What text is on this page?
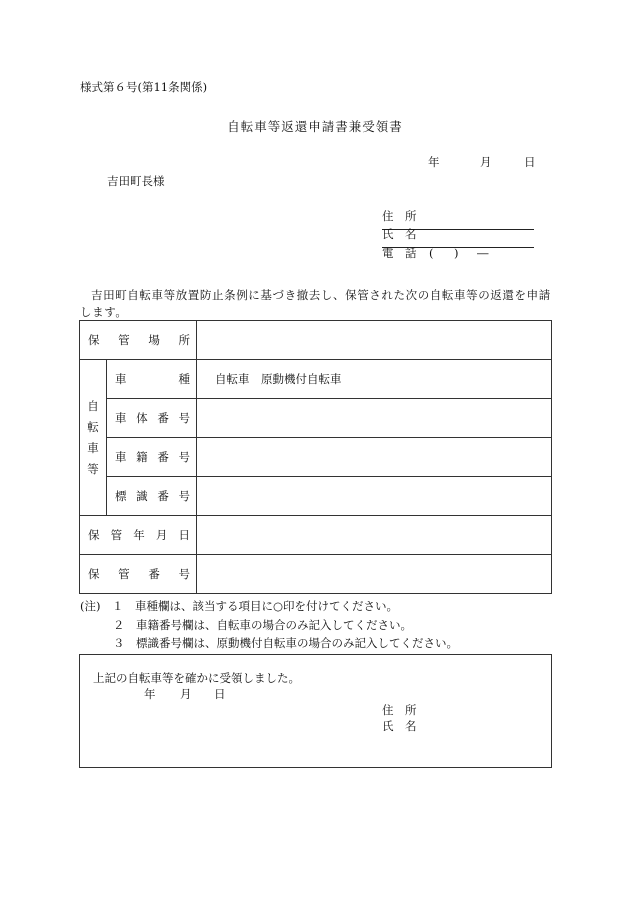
様式第６号(第11条関係)
自転車等返還申請書兼受領書
年	月	日
吉田町長様
住　所
氏　名
電　話 ( ) ―
吉田町自転車等放置防止条例に基づき撤去し、保管された次の自転車等の返還を申請します。
保管場所		

自転車等	車種	自転車　原動機付自転車

	車体番号	

	車籍番号	

	標識番号	

保管年月日		

保管番号		

(注)　１　車種欄は、該当する項目に○印を付けてください。
２　車籍番号欄は、自転車の場合のみ記入してください。
３　標識番号欄は、原動機付自転車の場合のみ記入してください。
上記の自転車等を確かに受領しました。
年 月 日
住　所
氏　名
